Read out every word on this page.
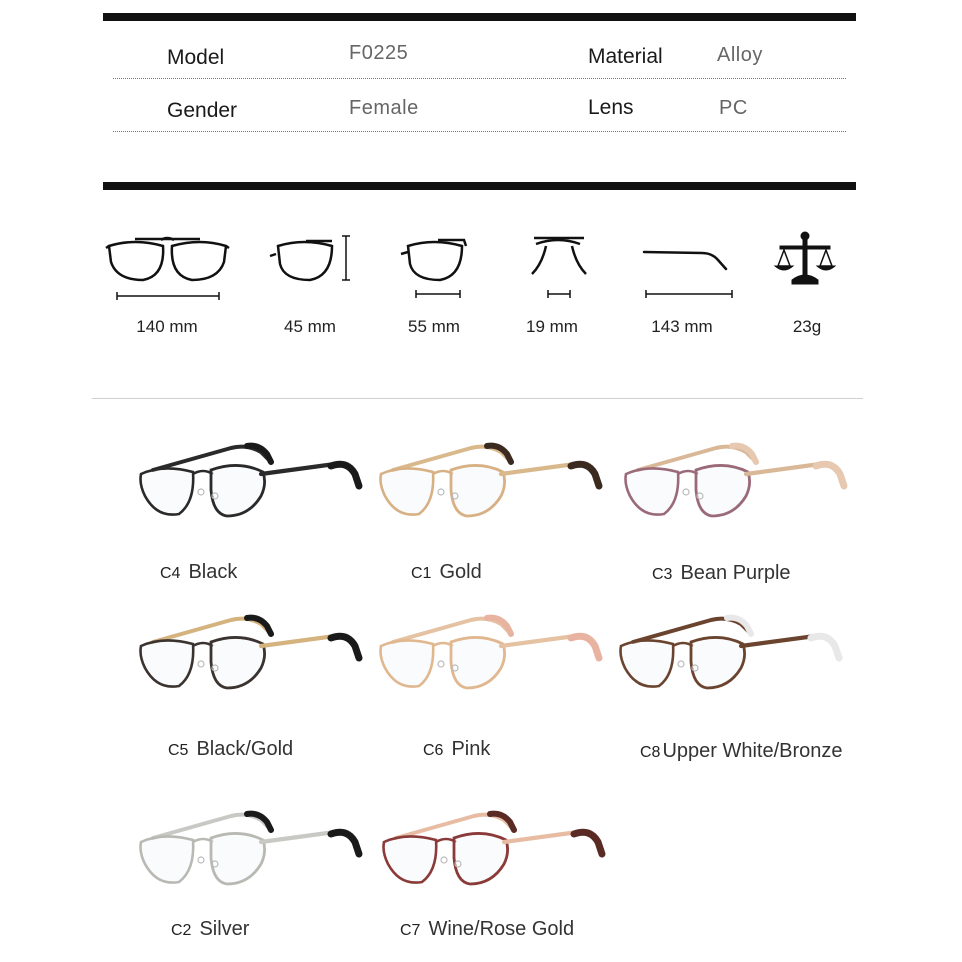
Model	F0225	Material	Alloy
Gender	Female	Lens	PC
140 mm	45 mm	55 mm	19 mm	143 mm	23g
C4 Black	C1 Gold	C3 Bean Purple
C5 Black/Gold	C6 Pink	C8 Upper White/Bronze
C2 Silver	C7 Wine/Rose Gold
